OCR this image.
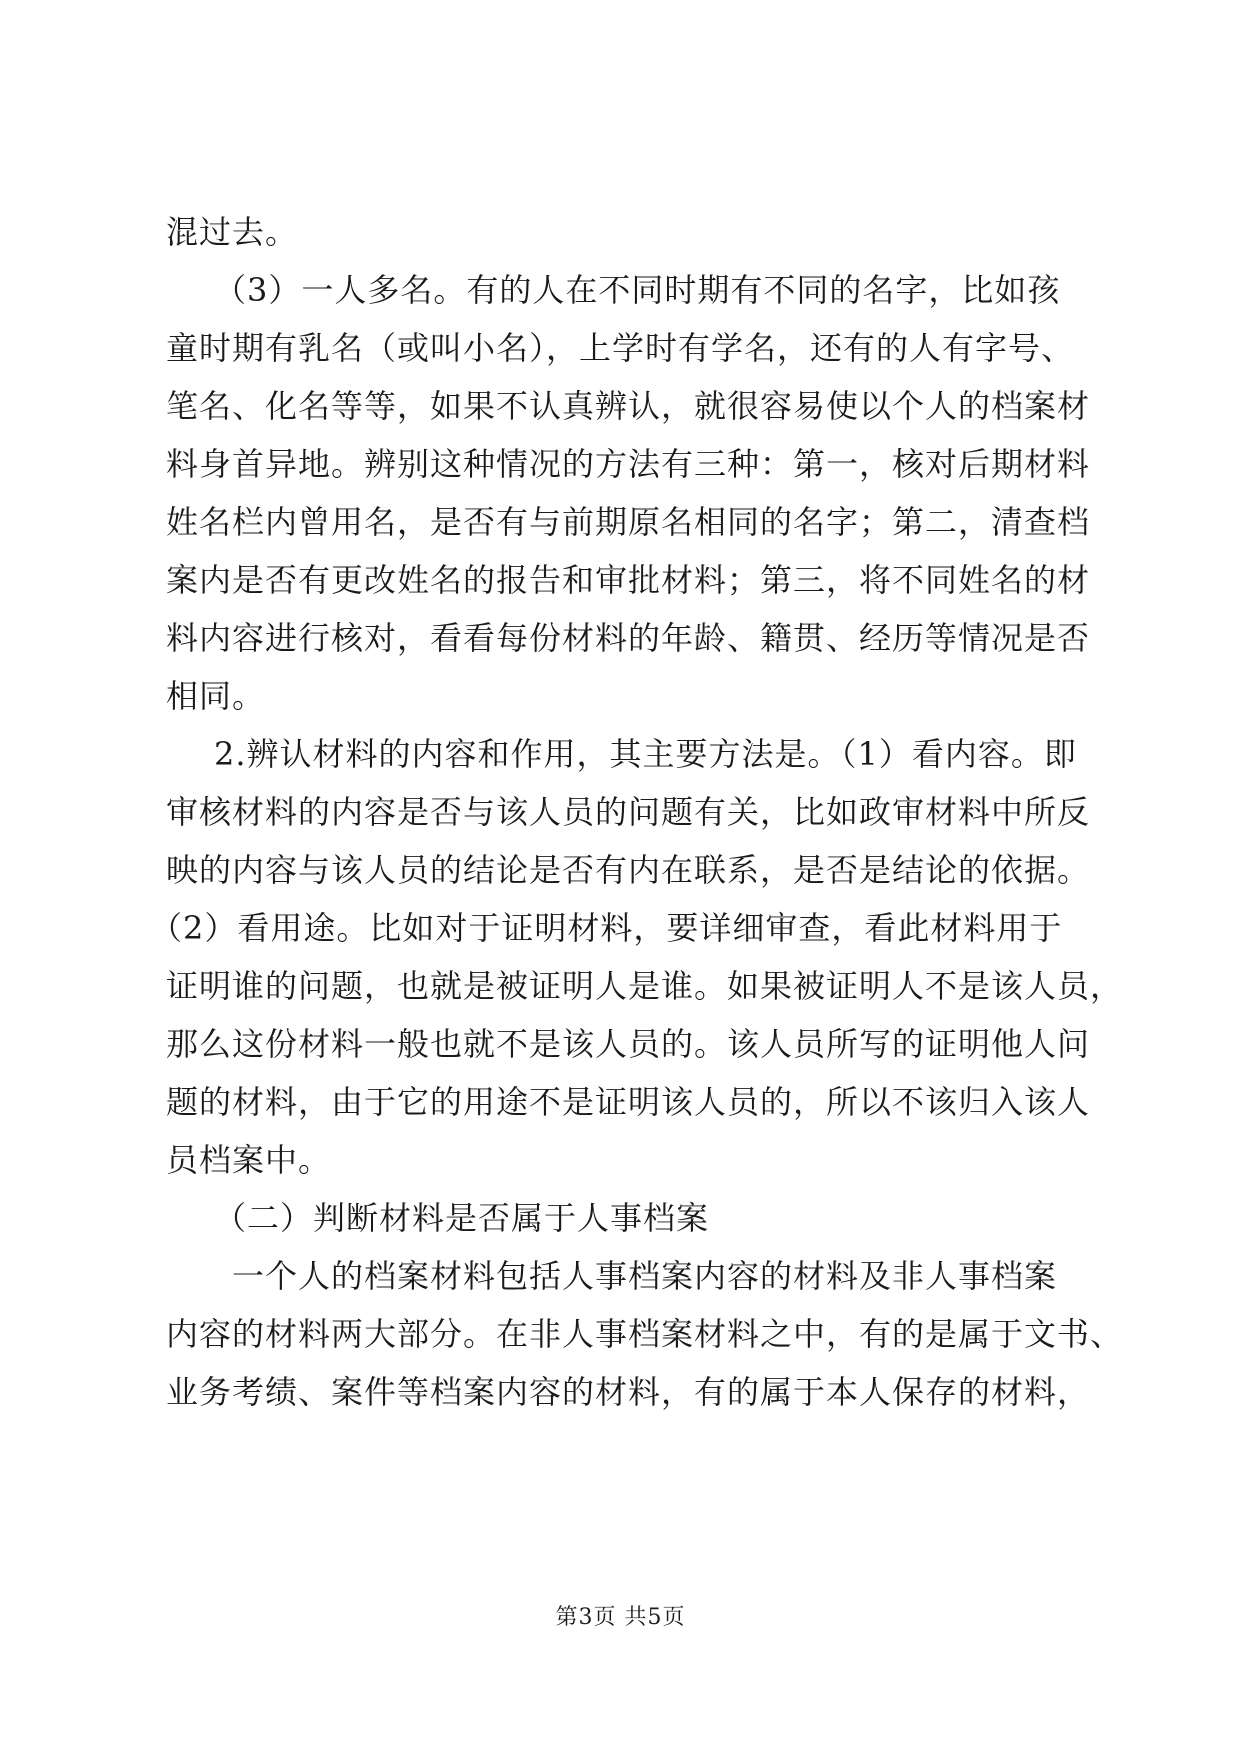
混过去。
（3）一人多名。有的人在不同时期有不同的名字，比如孩
童时期有乳名（或叫小名），上学时有学名，还有的人有字号、
笔名、化名等等，如果不认真辨认，就很容易使以个人的档案材
料身首异地。辨别这种情况的方法有三种：第一，核对后期材料
姓名栏内曾用名，是否有与前期原名相同的名字；第二，清查档
案内是否有更改姓名的报告和审批材料；第三，将不同姓名的材
料内容进行核对，看看每份材料的年龄、籍贯、经历等情况是否
相同。
2.辨认材料的内容和作用，其主要方法是。（1）看内容。即
审核材料的内容是否与该人员的问题有关，比如政审材料中所反
映的内容与该人员的结论是否有内在联系，是否是结论的依据。
（2）看用途。比如对于证明材料，要详细审查，看此材料用于
证明谁的问题，也就是被证明人是谁。如果被证明人不是该人员，
那么这份材料一般也就不是该人员的。该人员所写的证明他人问
题的材料，由于它的用途不是证明该人员的，所以不该归入该人
员档案中。
（二）判断材料是否属于人事档案
一个人的档案材料包括人事档案内容的材料及非人事档案
内容的材料两大部分。在非人事档案材料之中，有的是属于文书、
业务考绩、案件等档案内容的材料，有的属于本人保存的材料，
第3页 共5页
